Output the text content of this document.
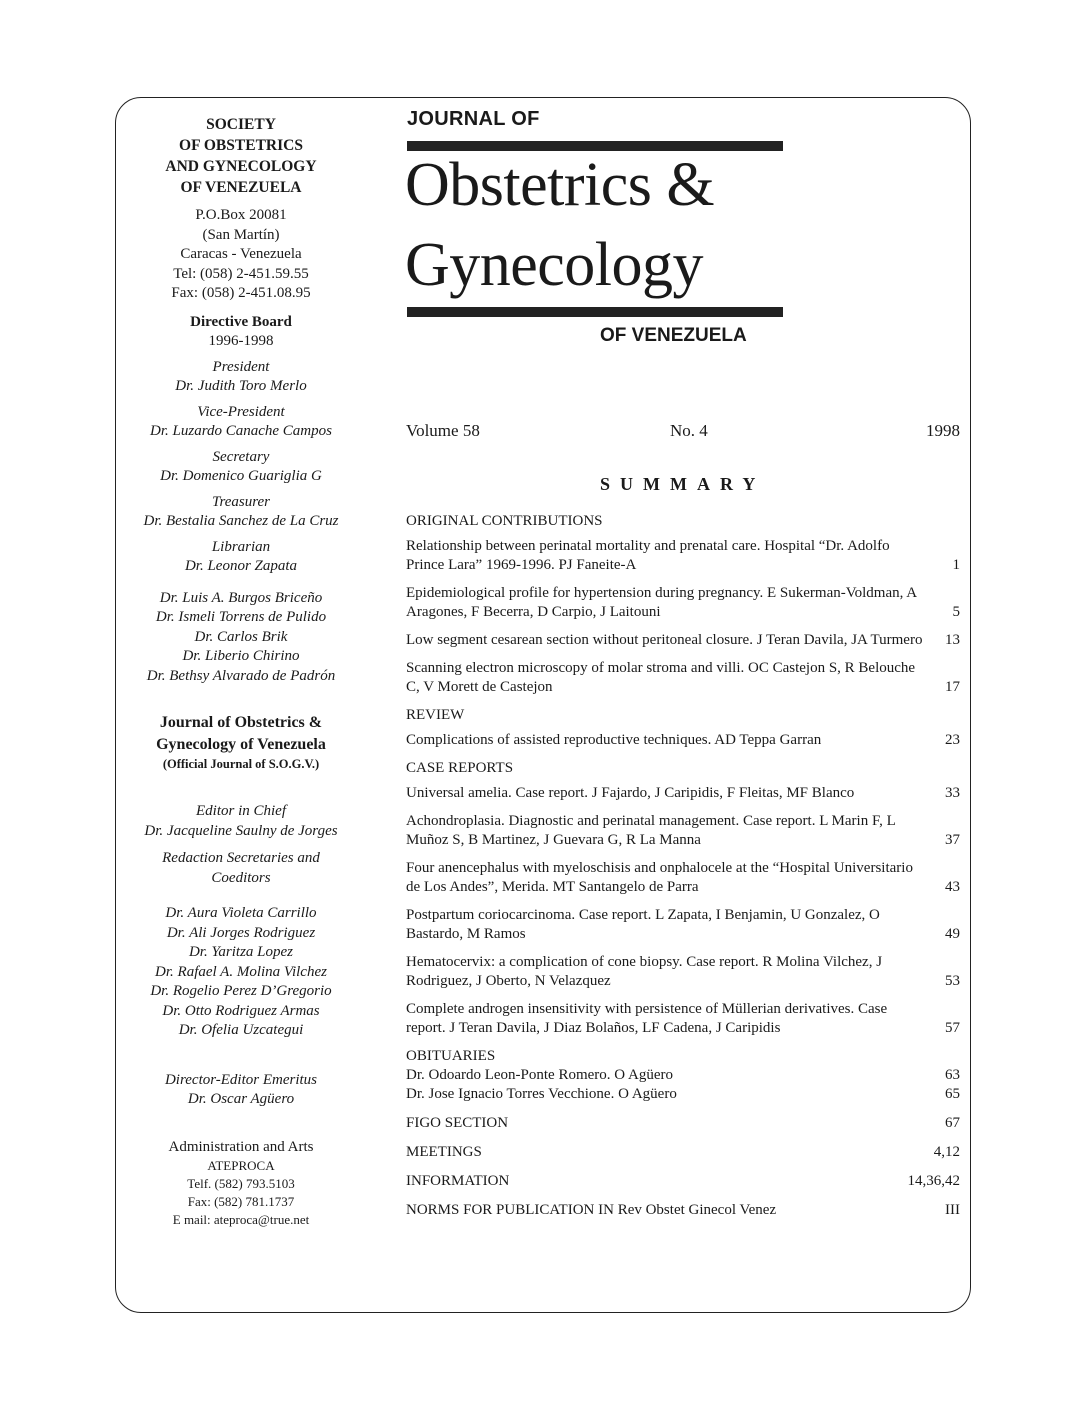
SOCIETY
OF OBSTETRICS
AND GYNECOLOGY
OF VENEZUELA
P.O.Box 20081
(San Martín)
Caracas - Venezuela
Tel: (058) 2-451.59.55
Fax: (058) 2-451.08.95
Directive Board
1996-1998
President
Dr. Judith Toro Merlo
Vice-President
Dr. Luzardo Canache Campos
Secretary
Dr. Domenico Guariglia G
Treasurer
Dr. Bestalia Sanchez de La Cruz
Librarian
Dr. Leonor Zapata
Dr. Luis A. Burgos Briceño
Dr. Ismeli Torrens de Pulido
Dr. Carlos Brik
Dr. Liberio Chirino
Dr. Bethsy Alvarado de Padrón
Journal of Obstetrics &
Gynecology of Venezuela
(Official Journal of S.O.G.V.)
Editor in Chief
Dr. Jacqueline Saulny de Jorges
Redaction Secretaries and
Coeditors
Dr. Aura Violeta Carrillo
Dr. Ali Jorges Rodriguez
Dr. Yaritza Lopez
Dr. Rafael A. Molina Vilchez
Dr. Rogelio Perez D’Gregorio
Dr. Otto Rodriguez Armas
Dr. Ofelia Uzcategui
Director-Editor Emeritus
Dr. Oscar Agüero
Administration and Arts
ATEPROCA
Telf. (582) 793.5103
Fax: (582) 781.1737
E mail: ateproca@true.net
JOURNAL OF
Obstetrics &
Gynecology
OF VENEZUELA
Volume 58	No. 4	1998
SUMMARY
ORIGINAL CONTRIBUTIONS
Relationship between perinatal mortality and prenatal care. Hospital “Dr. Adolfo Prince Lara” 1969-1996. PJ Faneite-A	1
Epidemiological profile for hypertension during pregnancy. E Sukerman-Voldman, A Aragones, F Becerra, D Carpio, J Laitouni	5
Low segment cesarean section without peritoneal closure. J Teran Davila, JA Turmero 13
Scanning electron microscopy of molar stroma and villi. OC Castejon S, R Belouche C, V Morett de Castejon	17
REVIEW
Complications of assisted reproductive techniques. AD Teppa Garran	23
CASE REPORTS
Universal amelia. Case report. J Fajardo, J Caripidis, F Fleitas, MF Blanco	33
Achondroplasia. Diagnostic and perinatal management. Case report. L Marin F, L Muñoz S, B Martinez, J Guevara G, R La Manna	37
Four anencephalus with myeloschisis and onphalocele at the “Hospital Universitario de Los Andes”, Merida. MT Santangelo de Parra	43
Postpartum coriocarcinoma. Case report. L Zapata, I Benjamin, U Gonzalez, O Bastardo, M Ramos	49
Hematocervix: a complication of cone biopsy. Case report. R Molina Vilchez, J Rodriguez, J Oberto, N Velazquez	53
Complete androgen insensitivity with persistence of Müllerian derivatives. Case report. J Teran Davila, J Diaz Bolaños, LF Cadena, J Caripidis	57
OBITUARIES
Dr. Odoardo Leon-Ponte Romero. O Agüero	63
Dr. Jose Ignacio Torres Vecchione. O Agüero	65
FIGO SECTION	67
MEETINGS	4,12
INFORMATION	14,36,42
NORMS FOR PUBLICATION IN Rev Obstet Ginecol Venez	III
